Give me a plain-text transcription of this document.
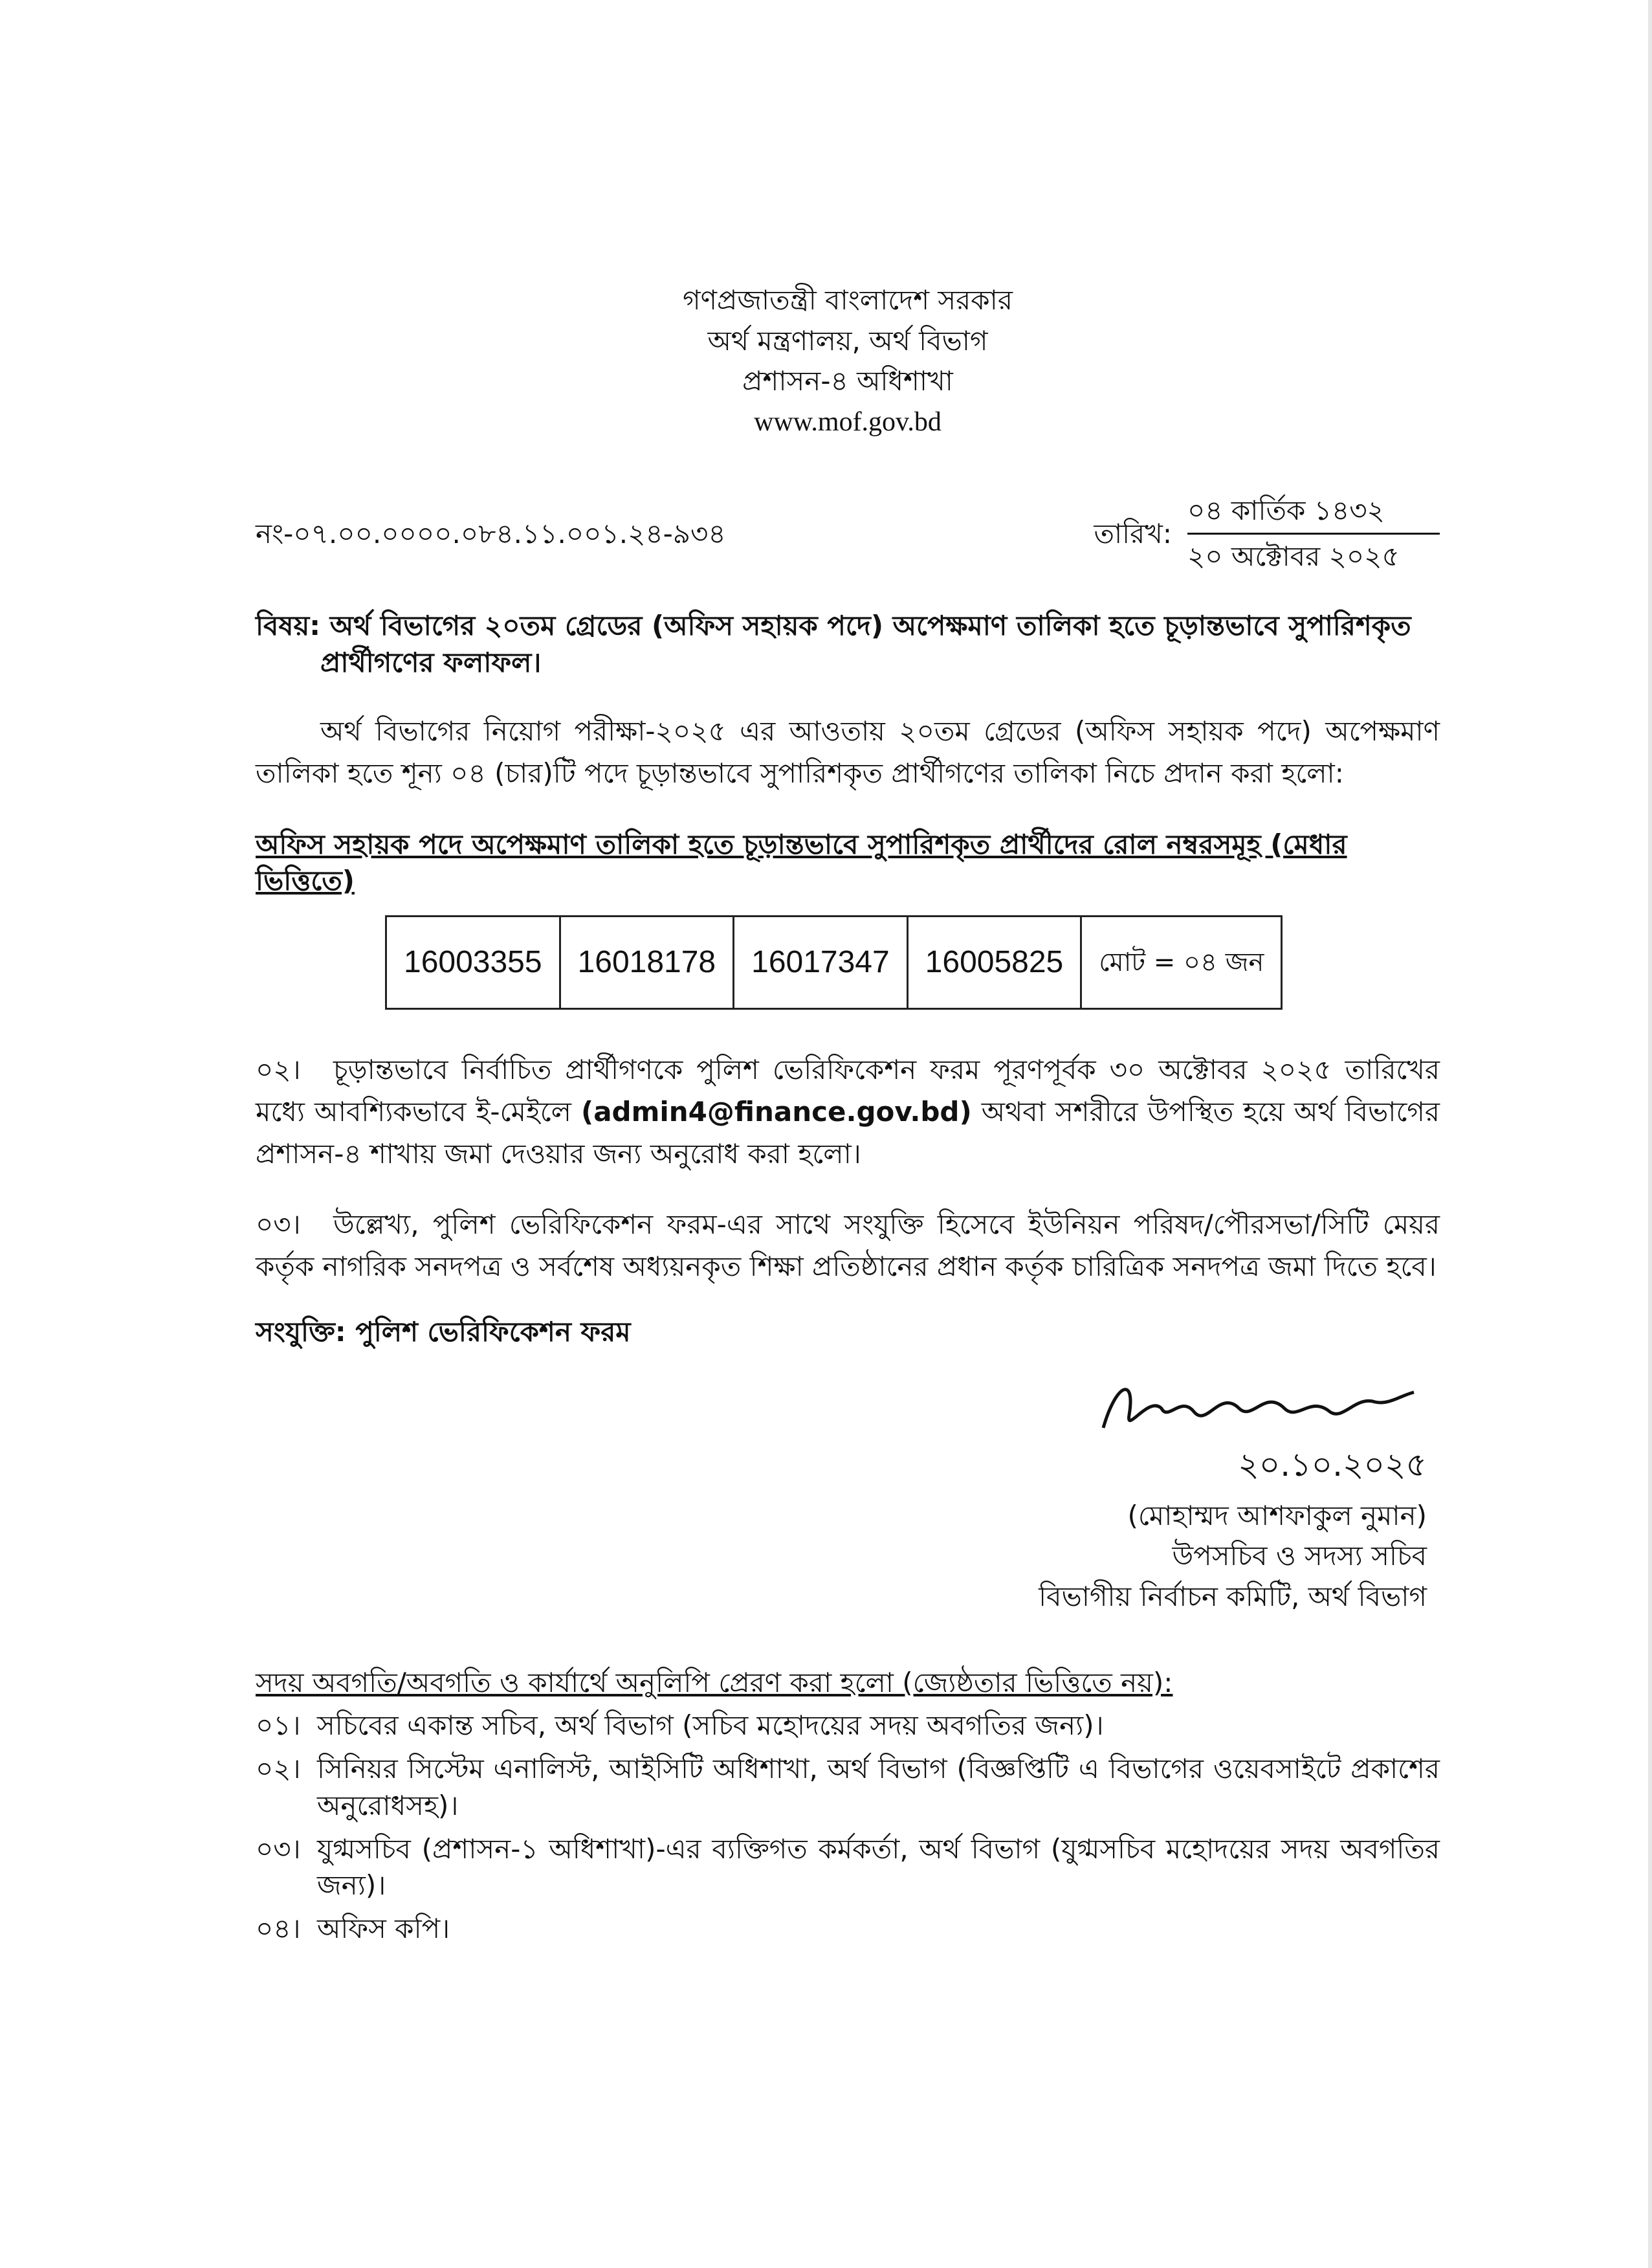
গণপ্রজাতন্ত্রী বাংলাদেশ সরকার
অর্থ মন্ত্রণালয়, অর্থ বিভাগ
প্রশাসন-৪ অধিশাখা
www.mof.gov.bd
নং-০৭.০০.০০০০.০৮৪.১১.০০১.২৪-৯৩৪	তারিখ:
০৪ কার্তিক ১৪৩২
২০ অক্টোবর ২০২৫
বিষয়: অর্থ বিভাগের ২০তম গ্রেডের (অফিস সহায়ক পদে) অপেক্ষমাণ তালিকা হতে চূড়ান্তভাবে সুপারিশকৃত
প্রার্থীগণের ফলাফল।
অর্থ বিভাগের নিয়োগ পরীক্ষা-২০২৫ এর আওতায় ২০তম গ্রেডের (অফিস সহায়ক পদে) অপেক্ষমাণ তালিকা হতে শূন্য ০৪ (চার)টি পদে চূড়ান্তভাবে সুপারিশকৃত প্রার্থীগণের তালিকা নিচে প্রদান করা হলো:
অফিস সহায়ক পদে অপেক্ষমাণ তালিকা হতে চূড়ান্তভাবে সুপারিশকৃত প্রার্থীদের রোল নম্বরসমূহ (মেধার ভিত্তিতে)
16003355	16018178	16017347	16005825	মোট = ০৪ জন
০২। চূড়ান্তভাবে নির্বাচিত প্রার্থীগণকে পুলিশ ভেরিফিকেশন ফরম পূরণপূর্বক ৩০ অক্টোবর ২০২৫ তারিখের মধ্যে আবশ্যিকভাবে ই-মেইলে (admin4@finance.gov.bd) অথবা সশরীরে উপস্থিত হয়ে অর্থ বিভাগের প্রশাসন-৪ শাখায় জমা দেওয়ার জন্য অনুরোধ করা হলো।
০৩। উল্লেখ্য, পুলিশ ভেরিফিকেশন ফরম-এর সাথে সংযুক্তি হিসেবে ইউনিয়ন পরিষদ/পৌরসভা/সিটি মেয়র কর্তৃক নাগরিক সনদপত্র ও সর্বশেষ অধ্যয়নকৃত শিক্ষা প্রতিষ্ঠানের প্রধান কর্তৃক চারিত্রিক সনদপত্র জমা দিতে হবে।
সংযুক্তি: পুলিশ ভেরিফিকেশন ফরম
২০.১০.২০২৫
(মোহাম্মদ আশফাকুল নুমান)
উপসচিব ও সদস্য সচিব
বিভাগীয় নির্বাচন কমিটি, অর্থ বিভাগ
সদয় অবগতি/অবগতি ও কার্যার্থে অনুলিপি প্রেরণ করা হলো (জ্যেষ্ঠতার ভিত্তিতে নয়):
০১। সচিবের একান্ত সচিব, অর্থ বিভাগ (সচিব মহোদয়ের সদয় অবগতির জন্য)।
০২। সিনিয়র সিস্টেম এনালিস্ট, আইসিটি অধিশাখা, অর্থ বিভাগ (বিজ্ঞপ্তিটি এ বিভাগের ওয়েবসাইটে প্রকাশের অনুরোধসহ)।
০৩। যুগ্মসচিব (প্রশাসন-১ অধিশাখা)-এর ব্যক্তিগত কর্মকর্তা, অর্থ বিভাগ (যুগ্মসচিব মহোদয়ের সদয় অবগতির জন্য)।
০৪। অফিস কপি।
